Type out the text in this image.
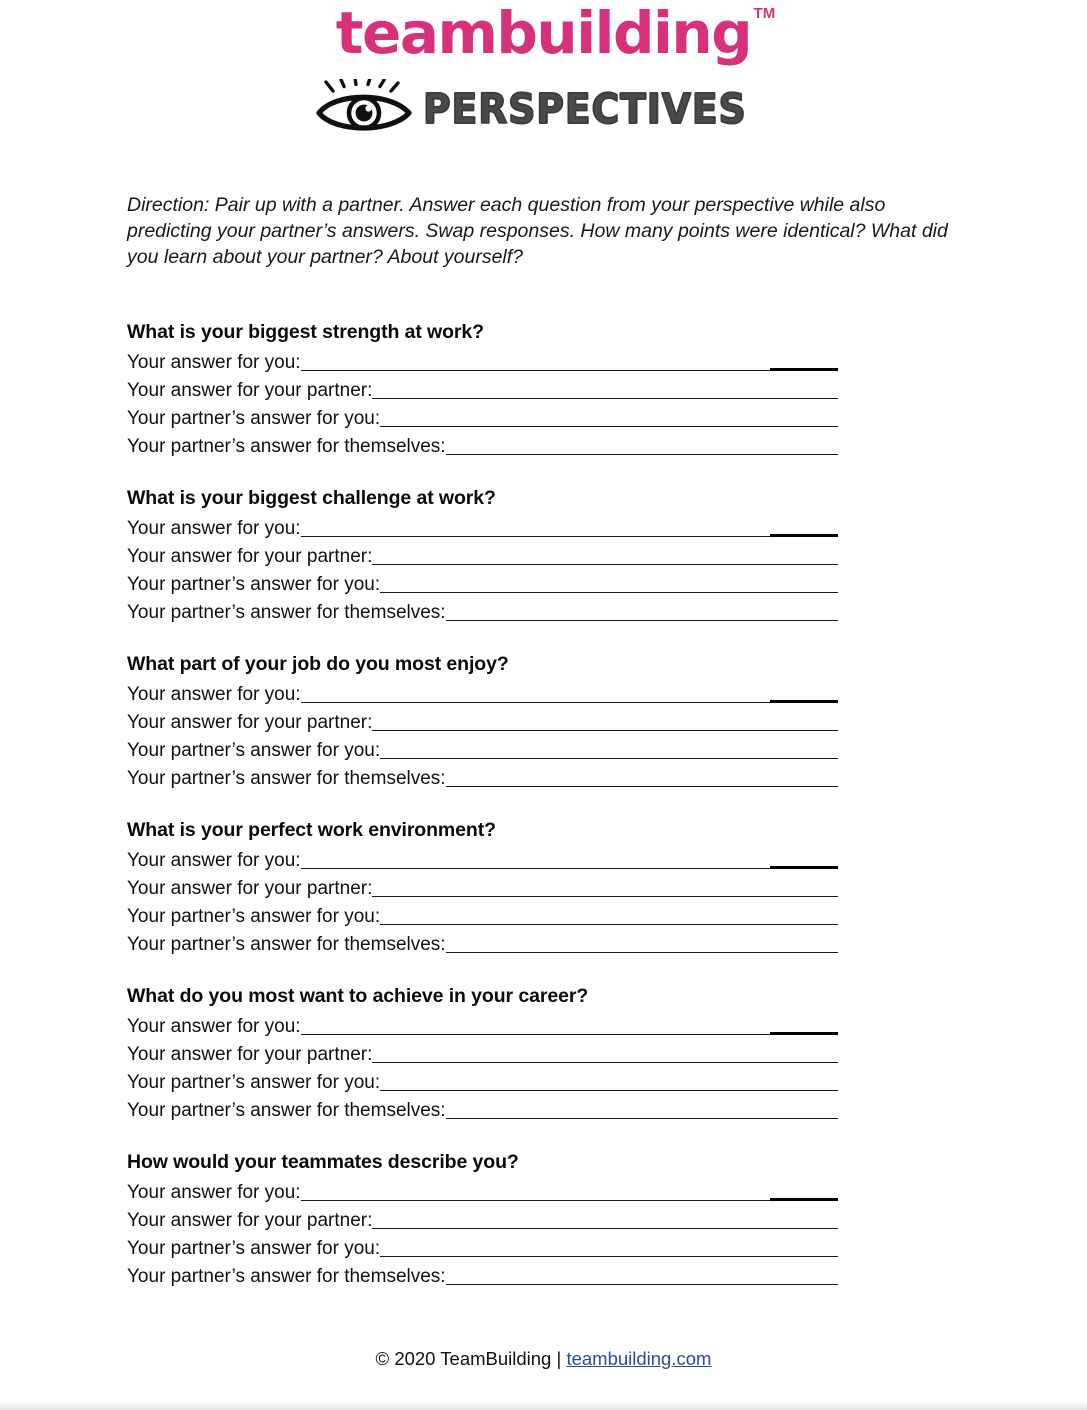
teambuilding TM
PERSPECTIVES

Direction: Pair up with a partner. Answer each question from your perspective while also predicting your partner’s answers. Swap responses. How many points were identical? What did you learn about your partner? About yourself?

What is your biggest strength at work?
Your answer for you:
Your answer for your partner:
Your partner’s answer for you:
Your partner’s answer for themselves:
What is your biggest challenge at work?
Your answer for you:
Your answer for your partner:
Your partner’s answer for you:
Your partner’s answer for themselves:
What part of your job do you most enjoy?
Your answer for you:
Your answer for your partner:
Your partner’s answer for you:
Your partner’s answer for themselves:
What is your perfect work environment?
Your answer for you:
Your answer for your partner:
Your partner’s answer for you:
Your partner’s answer for themselves:
What do you most want to achieve in your career?
Your answer for you:
Your answer for your partner:
Your partner’s answer for you:
Your partner’s answer for themselves:
How would your teammates describe you?
Your answer for you:
Your answer for your partner:
Your partner’s answer for you:
Your partner’s answer for themselves:
© 2020 TeamBuilding | teambuilding.com
